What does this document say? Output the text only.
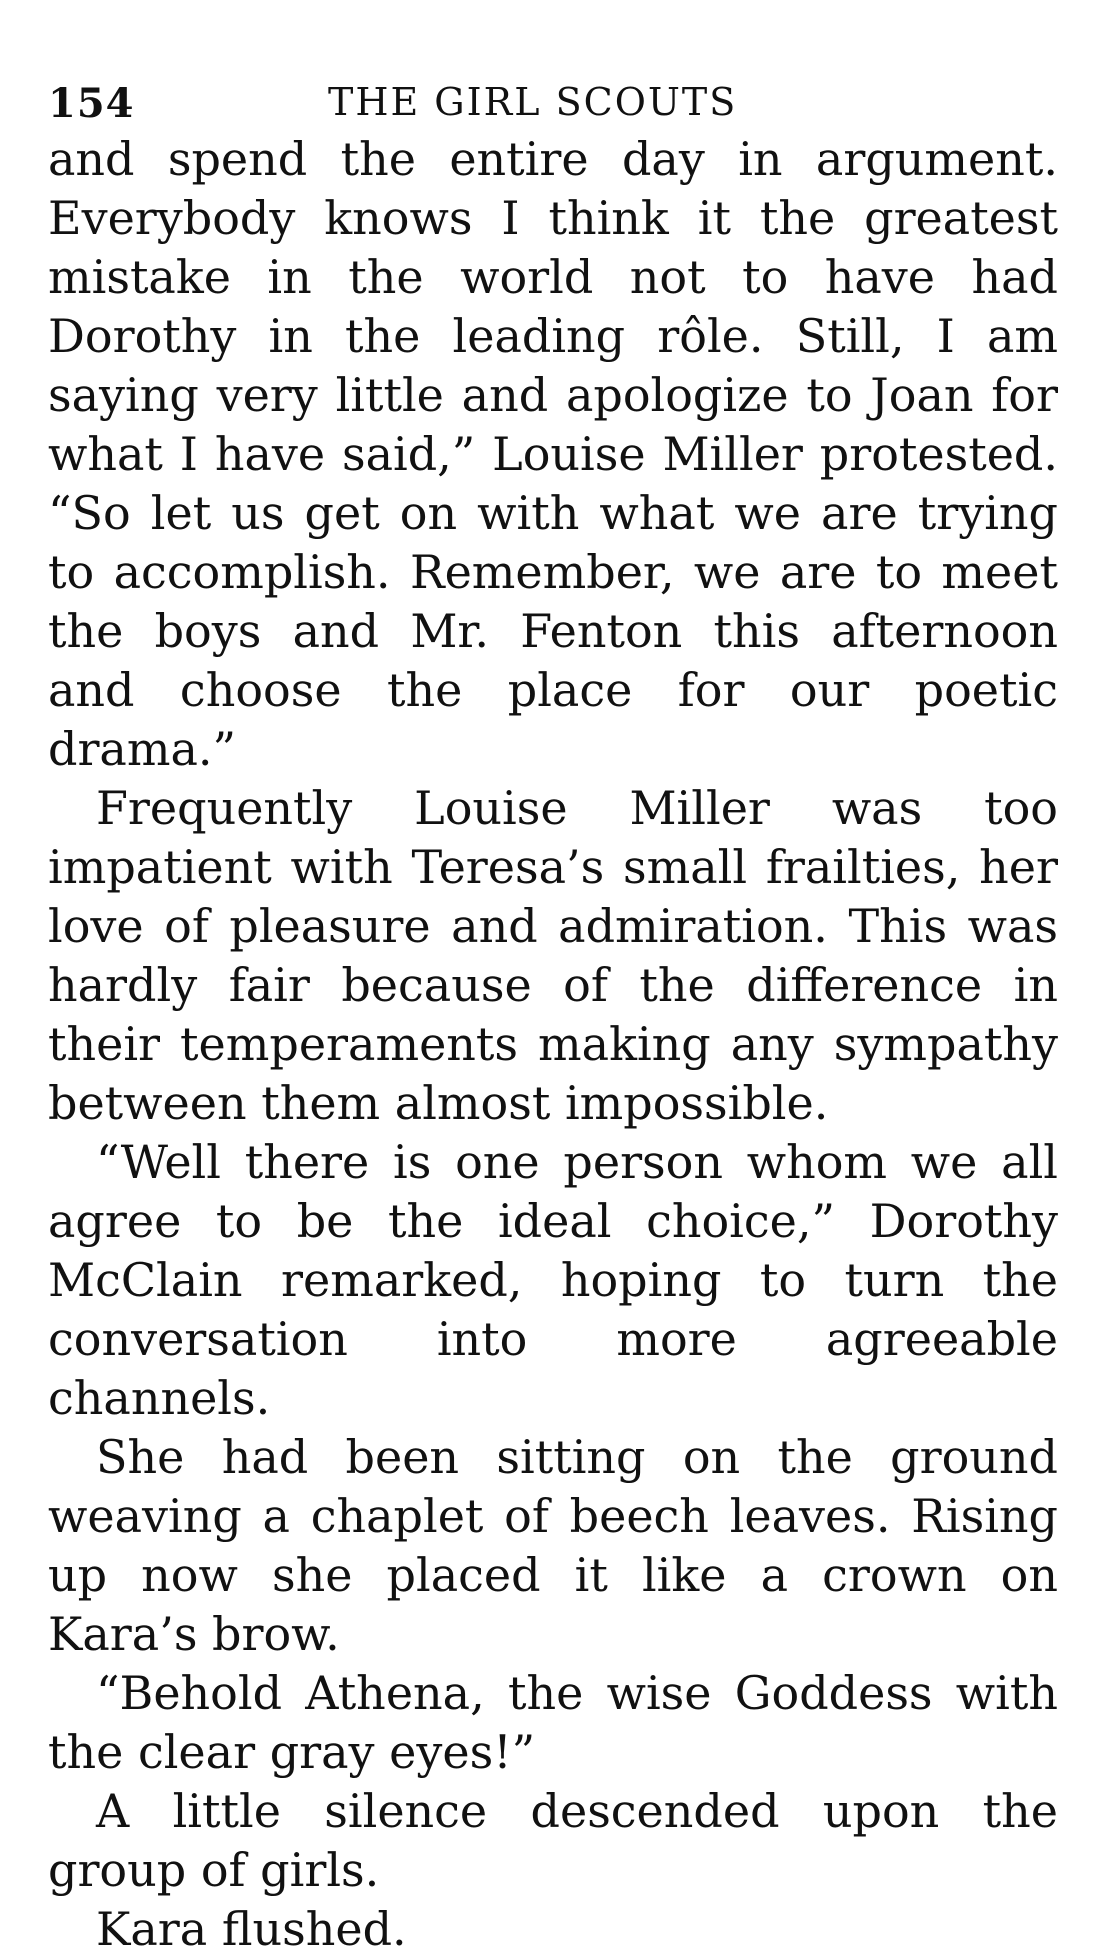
154	THE GIRL SCOUTS

and spend the entire day in argument. Everybody knows I think it the greatest mistake in the world not to have had Dorothy in the leading rôle. Still, I am saying very little and apologize to Joan for what I have said,” Louise Miller protested. “So let us get on with what we are trying to accomplish. Remember, we are to meet the boys and Mr. Fenton this afternoon and choose the place for our poetic drama.”

Frequently Louise Miller was too impatient with Teresa’s small frailties, her love of pleasure and admiration. This was hardly fair because of the difference in their temperaments making any sympathy between them almost impossible.

“Well there is one person whom we all agree to be the ideal choice,” Dorothy McClain remarked, hoping to turn the conversation into more agreeable channels.

She had been sitting on the ground weaving a chaplet of beech leaves. Rising up now she placed it like a crown on Kara’s brow.

“Behold Athena, the wise Goddess with the clear gray eyes!”

A little silence descended upon the group of girls.

Kara flushed.
